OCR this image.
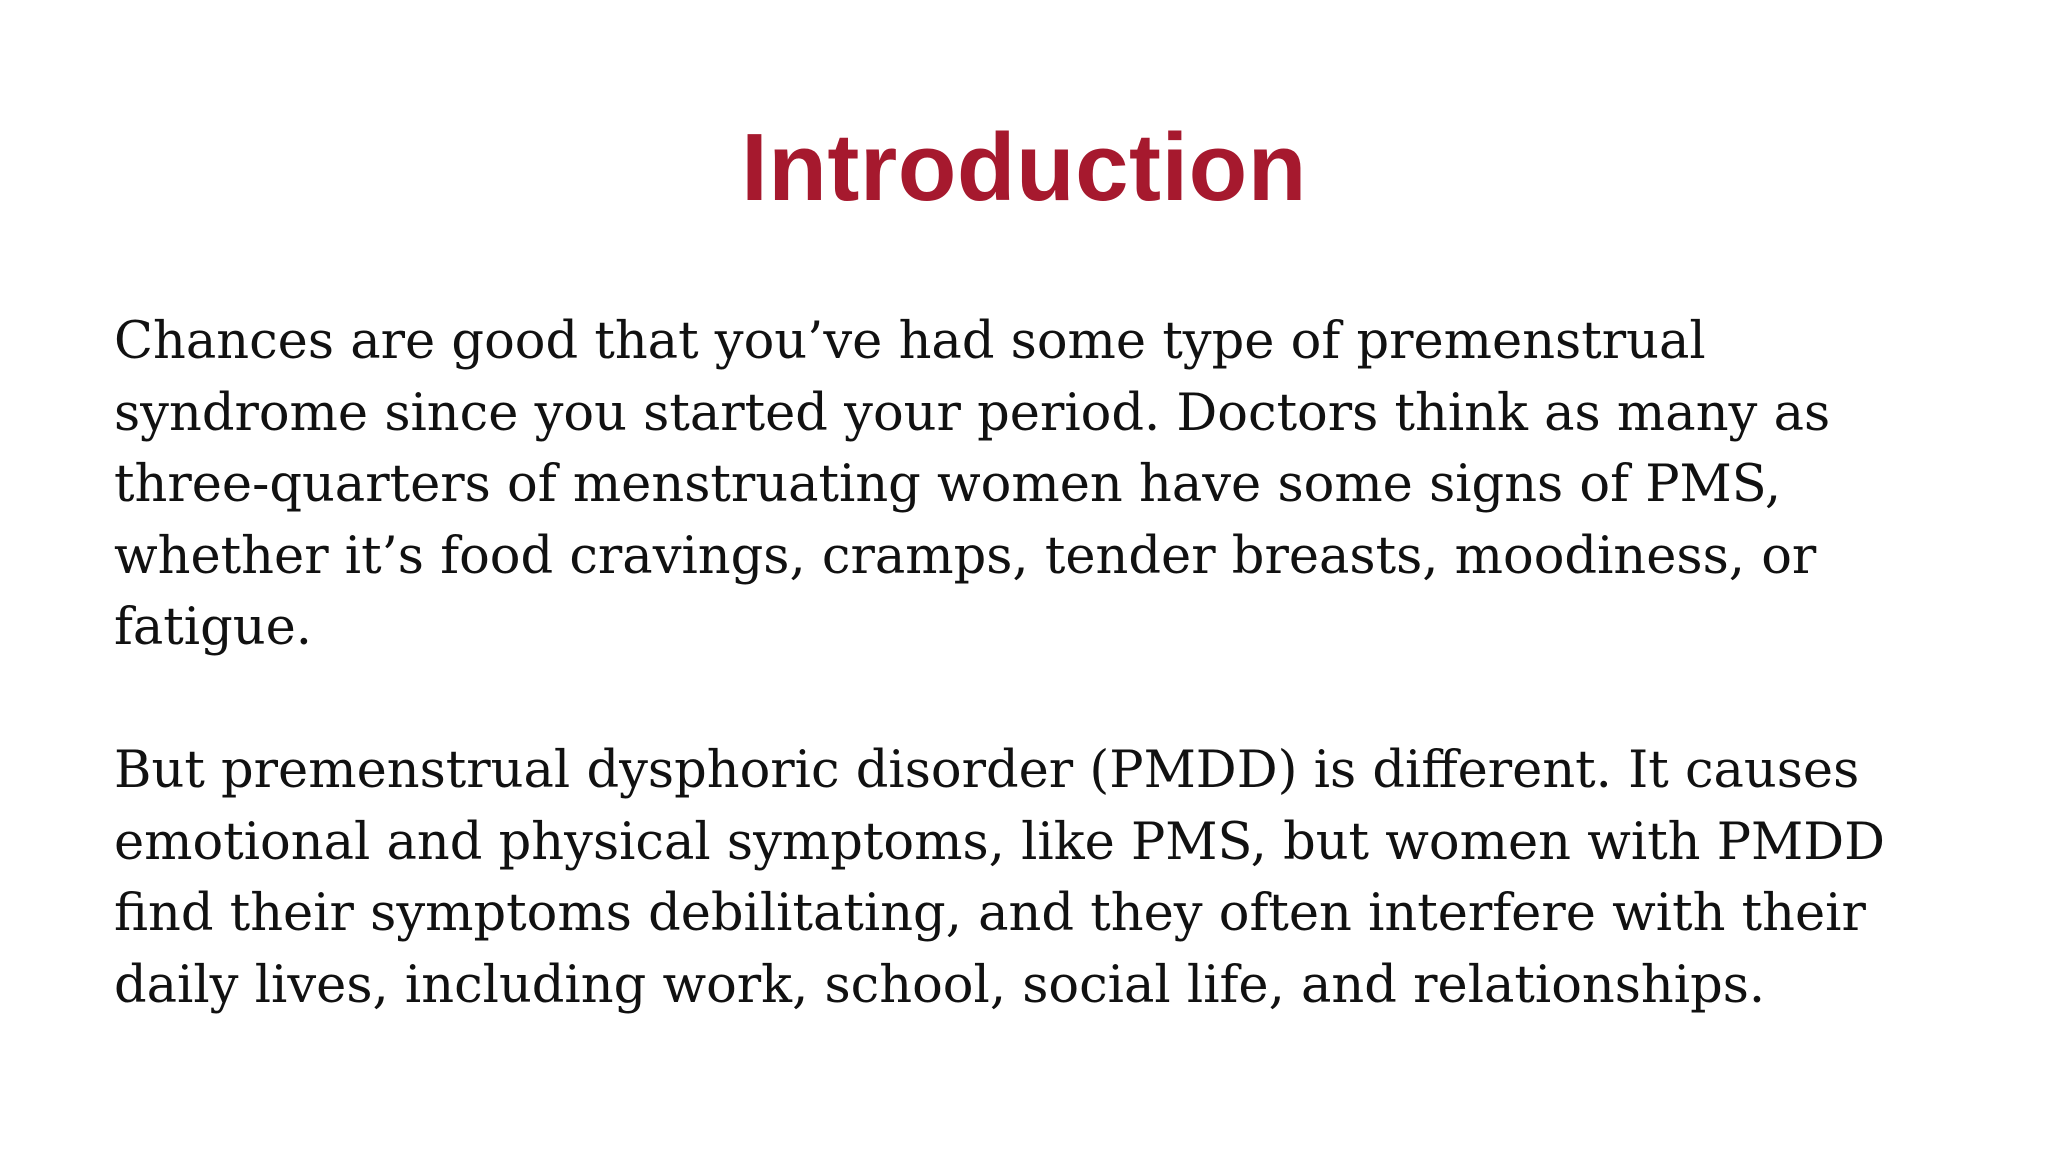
Introduction

Chances are good that you’ve had some type of premenstrual
syndrome since you started your period. Doctors think as many as
three-quarters of menstruating women have some signs of PMS,
whether it’s food cravings, cramps, tender breasts, moodiness, or
fatigue.

But premenstrual dysphoric disorder (PMDD) is different. It causes
emotional and physical symptoms, like PMS, but women with PMDD
find their symptoms debilitating, and they often interfere with their
daily lives, including work, school, social life, and relationships.
